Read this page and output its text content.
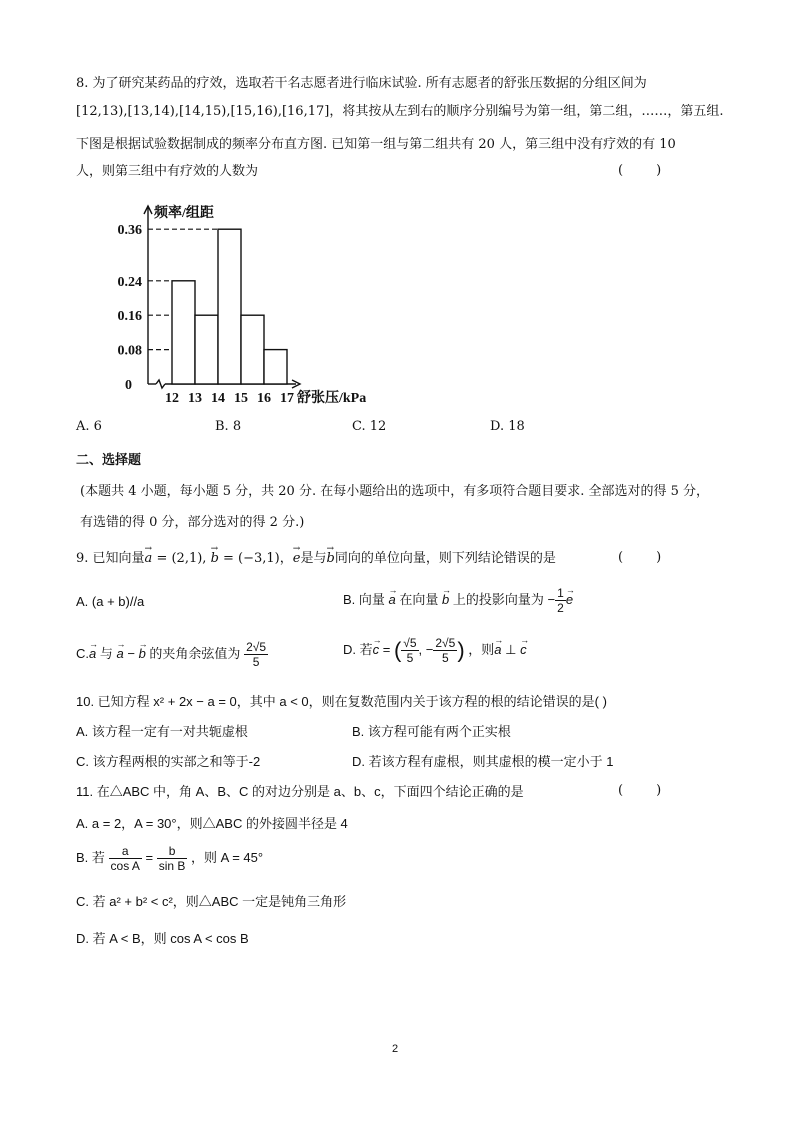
8. 为了研究某药品的疗效，选取若干名志愿者进行临床试验. 所有志愿者的舒张压数据的分组区间为
[12,13),[13,14),[14,15),[15,16),[16,17]，将其按从左到右的顺序分别编号为第一组，第二组，……，第五组.
下图是根据试验数据制成的频率分布直方图. 已知第一组与第二组共有 20 人，第三组中没有疗效的有 10
人，则第三组中有疗效的人数为	(        )
0.36
0.24
0.16
0.08
0
12 13 14 15 16 17
频率/组距
舒张压/kPa
A. 6	B. 8	C. 12	D. 18
二、选择题
(本题共 4 小题，每小题 5 分，共 20 分. 在每小题给出的选项中，有多项符合题目要求. 全部选对的得 5 分，
有选错的得 0 分，部分选对的得 2 分.)
9. 已知向量→ a = (2,1), → b = (−3,1)，→ e是与→ b同向的单位向量，则下列结论错误的是	(        )
A. (a + b)//a	B. 向量 → a 在向量 → b 上的投影向量为 − $\frac{1}{2}$
→ e
C.→ a 与 → a − → b 的夹角余弦值为 $\frac{2√5}{5}$	D. 若→ c = ( $\frac{√5}{5}$ , − $\frac{2√5}{5}$ ) ，则→ a ⊥ → c
10. 已知方程 x² + 2x − a = 0，其中 a < 0，则在复数范围内关于该方程的根的结论错误的是( )
A. 该方程一定有一对共轭虚根	B. 该方程可能有两个正实根
C. 该方程两根的实部之和等于-2	D. 若该方程有虚根，则其虚根的模一定小于 1
11. 在△ABC 中，角 A、B、C 的对边分别是 a、b、c，下面四个结论正确的是	(        )
A. a = 2，A = 30°，则△ABC 的外接圆半径是 4
B. 若 $\frac{a}{\text{cos A}} = \frac{b}{\text{sin B}}$ ，则 A = 45°
C. 若 a² + b² < c²，则△ABC 一定是钝角三角形
D. 若 A < B，则 cos A < cos B
2
